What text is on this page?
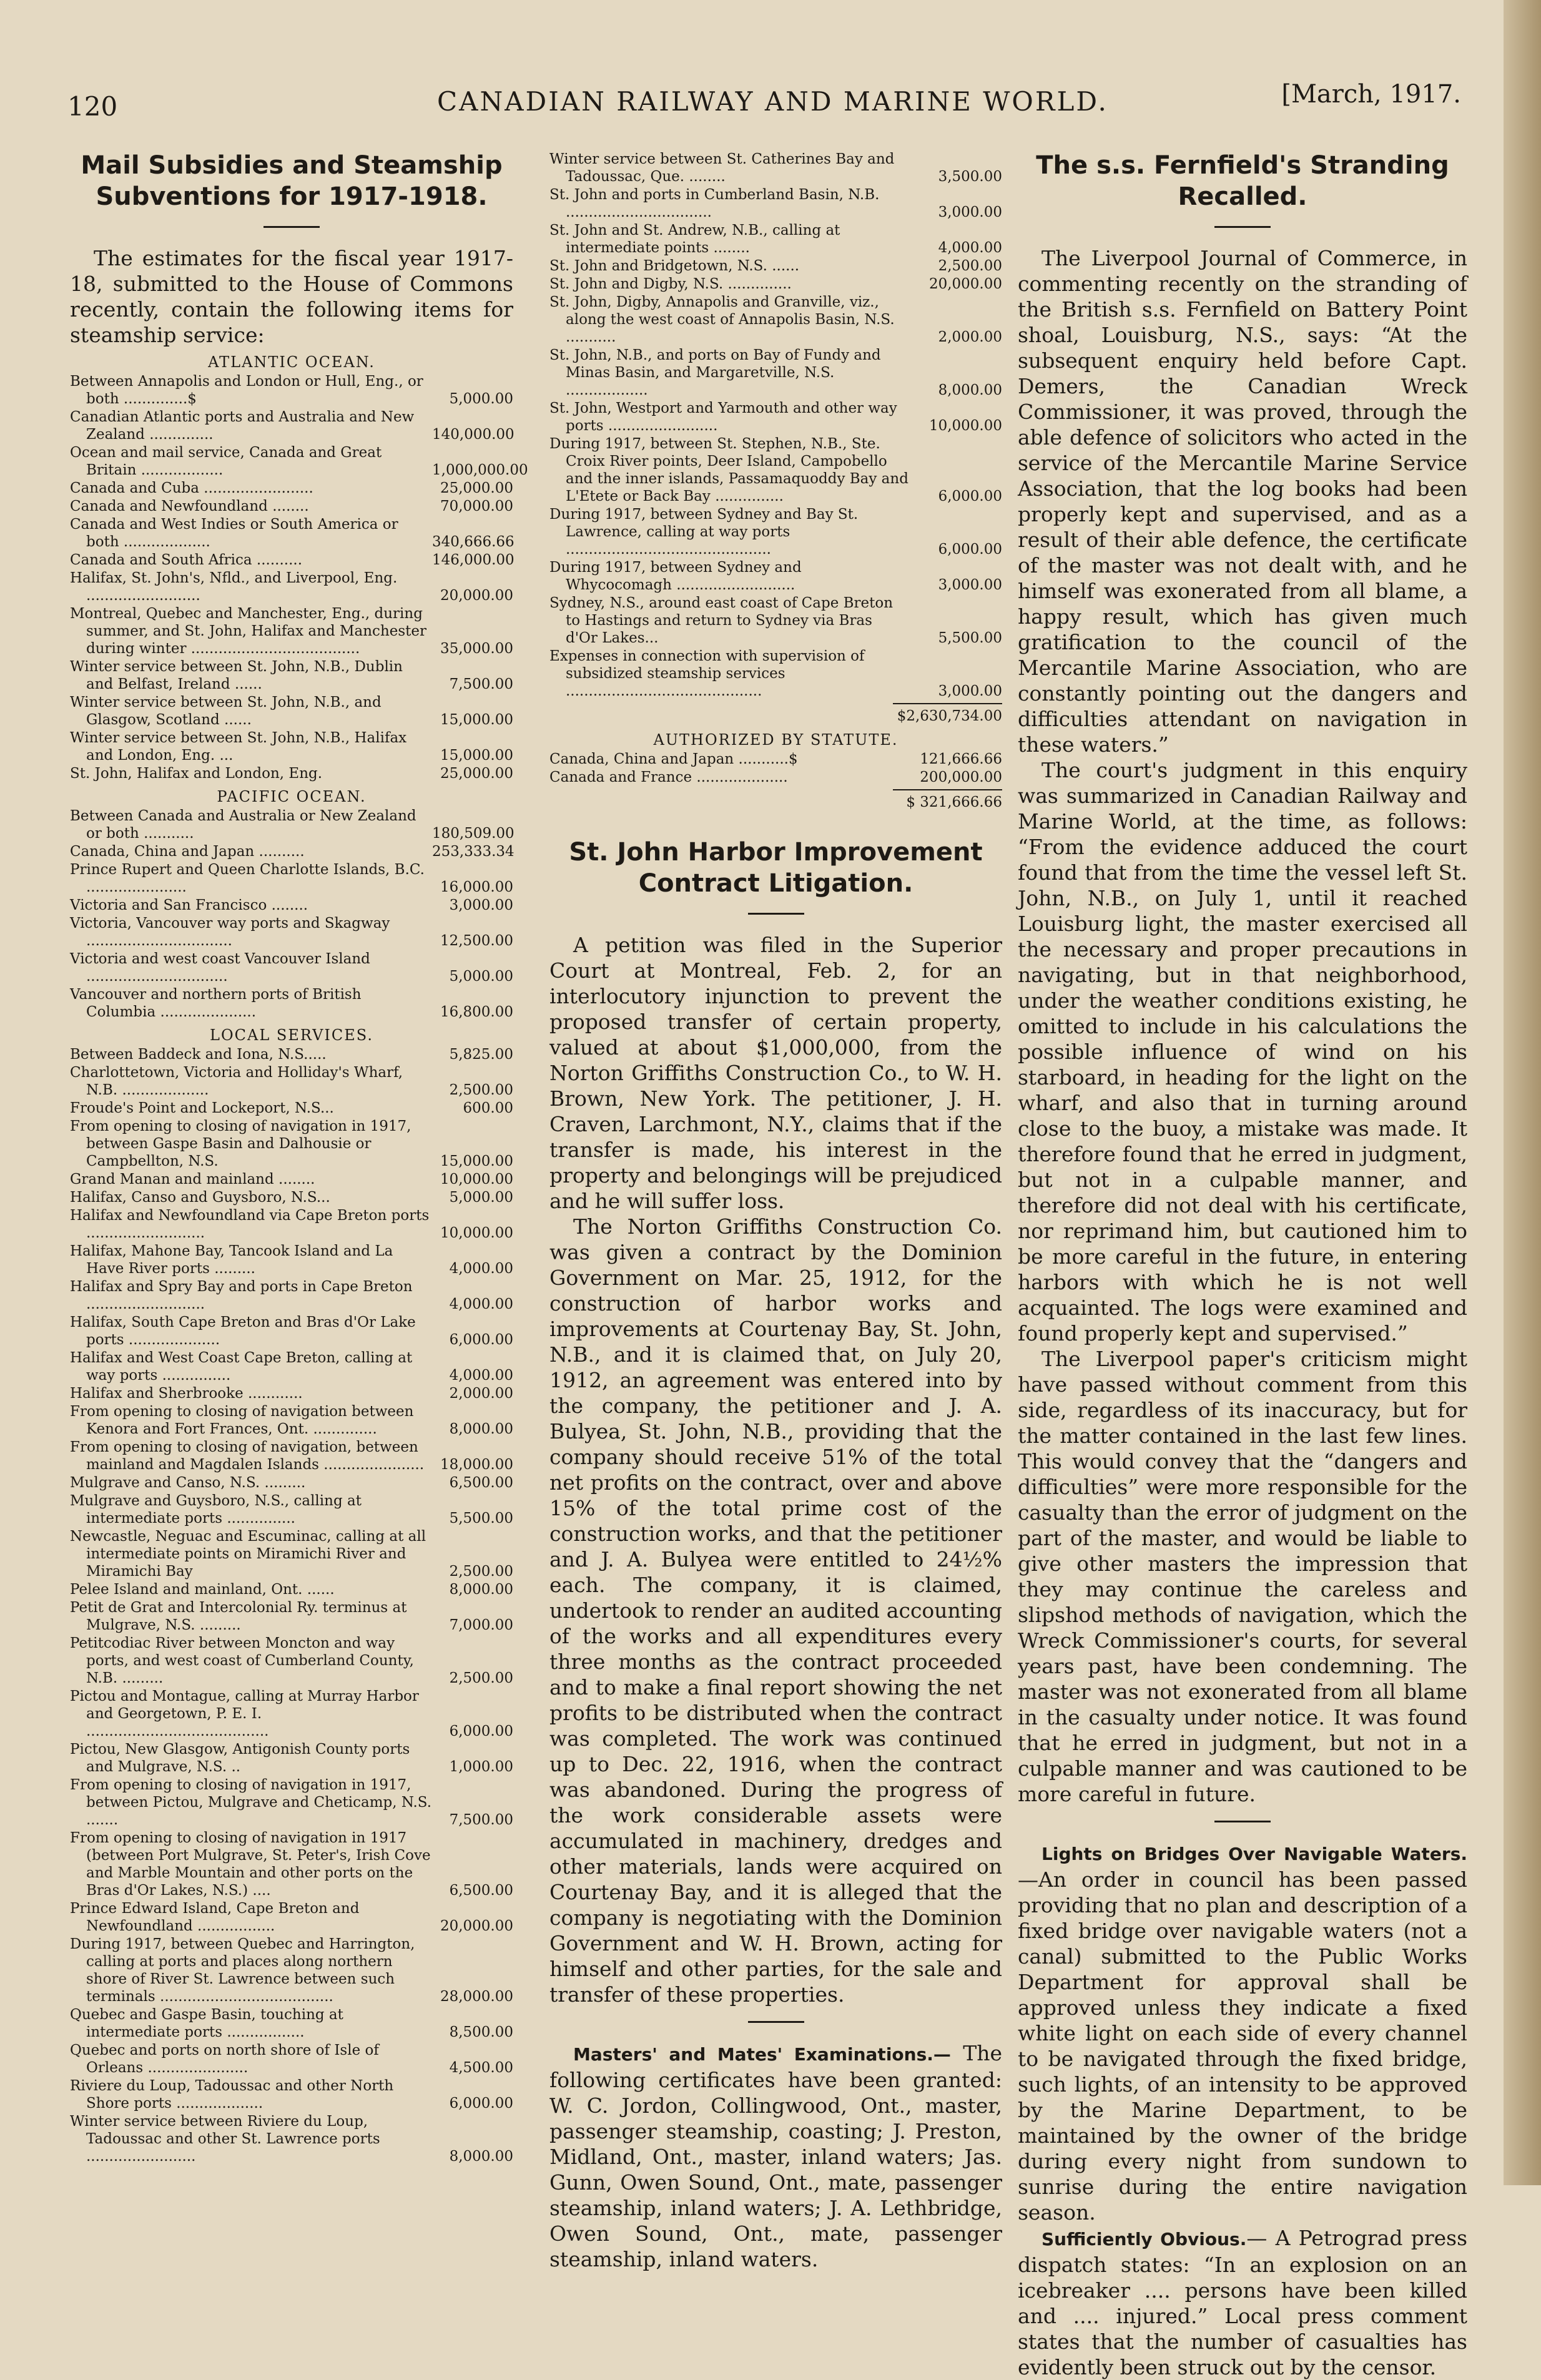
120	CANADIAN RAILWAY AND MARINE WORLD.	[March, 1917.
Mail Subsidies and Steamship Subventions for 1917-1918.

The estimates for the fiscal year 1917-18, submitted to the House of Commons recently, contain the following items for steamship service:

ATLANTIC OCEAN.
Between Annapolis and London or Hull, Eng., or both ..............$	5,000.00
Canadian Atlantic ports and Australia and New Zealand ..............	140,000.00
Ocean and mail service, Canada and Great Britain ..................	1,000,000.00
Canada and Cuba ........................	25,000.00
Canada and Newfoundland ........	70,000.00
Canada and West Indies or South America or both ...................	340,666.66
Canada and South Africa ..........	146,000.00
Halifax, St. John's, Nfld., and Liverpool, Eng. .........................	20,000.00
Montreal, Quebec and Manchester, Eng., during summer, and St. John, Halifax and Manchester during winter .....................................	35,000.00
Winter service between St. John, N.B., Dublin and Belfast, Ireland ......	7,500.00
Winter service between St. John, N.B., and Glasgow, Scotland ......	15,000.00
Winter service between St. John, N.B., Halifax and London, Eng. ...	15,000.00
St. John, Halifax and London, Eng.	25,000.00
PACIFIC OCEAN.
Between Canada and Australia or New Zealand or both ...........	180,509.00
Canada, China and Japan ..........	253,333.34
Prince Rupert and Queen Charlotte Islands, B.C. ......................	16,000.00
Victoria and San Francisco ........	3,000.00
Victoria, Vancouver way ports and Skagway ................................	12,500.00
Victoria and west coast Vancouver Island ...............................	5,000.00
Vancouver and northern ports of British Columbia .....................	16,800.00
LOCAL SERVICES.
Between Baddeck and Iona, N.S.....	5,825.00
Charlottetown, Victoria and Holliday's Wharf, N.B. ...................	2,500.00
Froude's Point and Lockeport, N.S...	600.00
From opening to closing of navigation in 1917, between Gaspe Basin and Dalhousie or Campbellton, N.S.	15,000.00
Grand Manan and mainland ........	10,000.00
Halifax, Canso and Guysboro, N.S...	5,000.00
Halifax and Newfoundland via Cape Breton ports ..........................	10,000.00
Halifax, Mahone Bay, Tancook Island and La Have River ports .........	4,000.00
Halifax and Spry Bay and ports in Cape Breton ..........................	4,000.00
Halifax, South Cape Breton and Bras d'Or Lake ports ....................	6,000.00
Halifax and West Coast Cape Breton, calling at way ports ...............	4,000.00
Halifax and Sherbrooke ............	2,000.00
From opening to closing of navigation between Kenora and Fort Frances, Ont. ..............	8,000.00
From opening to closing of navigation, between mainland and Magdalen Islands ......................	18,000.00
Mulgrave and Canso, N.S. .........	6,500.00
Mulgrave and Guysboro, N.S., calling at intermediate ports ...............	5,500.00
Newcastle, Neguac and Escuminac, calling at all intermediate points on Miramichi River and Miramichi Bay	2,500.00
Pelee Island and mainland, Ont. ......	8,000.00
Petit de Grat and Intercolonial Ry. terminus at Mulgrave, N.S. .........	7,000.00
Petitcodiac River between Moncton and way ports, and west coast of Cumberland County, N.B. .........	2,500.00
Pictou and Montague, calling at Murray Harbor and Georgetown, P. E. I. ........................................	6,000.00
Pictou, New Glasgow, Antigonish County ports and Mulgrave, N.S. ..	1,000.00
From opening to closing of navigation in 1917, between Pictou, Mulgrave and Cheticamp, N.S. .......	7,500.00
From opening to closing of navigation in 1917 (between Port Mulgrave, St. Peter's, Irish Cove and Marble Mountain and other ports on the Bras d'Or Lakes, N.S.) ....	6,500.00
Prince Edward Island, Cape Breton and Newfoundland .................	20,000.00
During 1917, between Quebec and Harrington, calling at ports and places along northern shore of River St. Lawrence between such terminals ......................................	28,000.00
Quebec and Gaspe Basin, touching at intermediate ports .................	8,500.00
Quebec and ports on north shore of Isle of Orleans ......................	4,500.00
Riviere du Loup, Tadoussac and other North Shore ports ...................	6,000.00
Winter service between Riviere du Loup, Tadoussac and other St. Lawrence ports ........................	8,000.00
Winter service between St. Catherines Bay and Tadoussac, Que. ........	3,500.00
St. John and ports in Cumberland Basin, N.B. ................................	3,000.00
St. John and St. Andrew, N.B., calling at intermediate points ........	4,000.00
St. John and Bridgetown, N.S. ......	2,500.00
St. John and Digby, N.S. ..............	20,000.00
St. John, Digby, Annapolis and Granville, viz., along the west coast of Annapolis Basin, N.S. ...........	2,000.00
St. John, N.B., and ports on Bay of Fundy and Minas Basin, and Margaretville, N.S. ..................	8,000.00
St. John, Westport and Yarmouth and other way ports ........................	10,000.00
During 1917, between St. Stephen, N.B., Ste. Croix River points, Deer Island, Campobello and the inner islands, Passamaquoddy Bay and L'Etete or Back Bay ...............	6,000.00
During 1917, between Sydney and Bay St. Lawrence, calling at way ports .............................................	6,000.00
During 1917, between Sydney and Whycocomagh ..........................	3,000.00
Sydney, N.S., around east coast of Cape Breton to Hastings and return to Sydney via Bras d'Or Lakes...	5,500.00
Expenses in connection with supervision of subsidized steamship services ...........................................	3,000.00
$2,630,734.00
AUTHORIZED BY STATUTE.
Canada, China and Japan ...........$	121,666.66
Canada and France ....................	200,000.00
$ 321,666.66
St. John Harbor Improvement Contract Litigation.

A petition was filed in the Superior Court at Montreal, Feb. 2, for an interlocutory injunction to prevent the proposed transfer of certain property, valued at about $1,000,000, from the Norton Griffiths Construction Co., to W. H. Brown, New York. The petitioner, J. H. Craven, Larchmont, N.Y., claims that if the transfer is made, his interest in the property and belongings will be prejudiced and he will suffer loss.

The Norton Griffiths Construction Co. was given a contract by the Dominion Government on Mar. 25, 1912, for the construction of harbor works and improvements at Courtenay Bay, St. John, N.B., and it is claimed that, on July 20, 1912, an agreement was entered into by the company, the petitioner and J. A. Bulyea, St. John, N.B., providing that the company should receive 51% of the total net profits on the contract, over and above 15% of the total prime cost of the construction works, and that the petitioner and J. A. Bulyea were entitled to 24½% each. The company, it is claimed, undertook to render an audited accounting of the works and all expenditures every three months as the contract proceeded and to make a final report showing the net profits to be distributed when the contract was completed. The work was continued up to Dec. 22, 1916, when the contract was abandoned. During the progress of the work considerable assets were accumulated in machinery, dredges and other materials, lands were acquired on Courtenay Bay, and it is alleged that the company is negotiating with the Dominion Government and W. H. Brown, acting for himself and other parties, for the sale and transfer of these properties.

Masters' and Mates' Examinations.— The following certificates have been granted: W. C. Jordon, Collingwood, Ont., master, passenger steamship, coasting; J. Preston, Midland, Ont., master, inland waters; Jas. Gunn, Owen Sound, Ont., mate, passenger steamship, inland waters; J. A. Lethbridge, Owen Sound, Ont., mate, passenger steamship, inland waters.

The s.s. Fernfield's Stranding Recalled.

The Liverpool Journal of Commerce, in commenting recently on the stranding of the British s.s. Fernfield on Battery Point shoal, Louisburg, N.S., says: “At the subsequent enquiry held before Capt. Demers, the Canadian Wreck Commissioner, it was proved, through the able defence of solicitors who acted in the service of the Mercantile Marine Service Association, that the log books had been properly kept and supervised, and as a result of their able defence, the certificate of the master was not dealt with, and he himself was exonerated from all blame, a happy result, which has given much gratification to the council of the Mercantile Marine Association, who are constantly pointing out the dangers and difficulties attendant on navigation in these waters.”

The court's judgment in this enquiry was summarized in Canadian Railway and Marine World, at the time, as follows: “From the evidence adduced the court found that from the time the vessel left St. John, N.B., on July 1, until it reached Louisburg light, the master exercised all the necessary and proper precautions in navigating, but in that neighborhood, under the weather conditions existing, he omitted to include in his calculations the possible influence of wind on his starboard, in heading for the light on the wharf, and also that in turning around close to the buoy, a mistake was made. It therefore found that he erred in judgment, but not in a culpable manner, and therefore did not deal with his certificate, nor reprimand him, but cautioned him to be more careful in the future, in entering harbors with which he is not well acquainted. The logs were examined and found properly kept and supervised.”

The Liverpool paper's criticism might have passed without comment from this side, regardless of its inaccuracy, but for the matter contained in the last few lines. This would convey that the “dangers and difficulties” were more responsible for the casualty than the error of judgment on the part of the master, and would be liable to give other masters the impression that they may continue the careless and slipshod methods of navigation, which the Wreck Commissioner's courts, for several years past, have been condemning. The master was not exonerated from all blame in the casualty under notice. It was found that he erred in judgment, but not in a culpable manner and was cautioned to be more careful in future.

Lights on Bridges Over Navigable Waters.—An order in council has been passed providing that no plan and description of a fixed bridge over navigable waters (not a canal) submitted to the Public Works Department for approval shall be approved unless they indicate a fixed white light on each side of every channel to be navigated through the fixed bridge, such lights, of an intensity to be approved by the Marine Department, to be maintained by the owner of the bridge during every night from sundown to sunrise during the entire navigation season.

Sufficiently Obvious.— A Petrograd press dispatch states: “In an explosion on an icebreaker .... persons have been killed and .... injured.” Local press comment states that the number of casualties has evidently been struck out by the censor.
